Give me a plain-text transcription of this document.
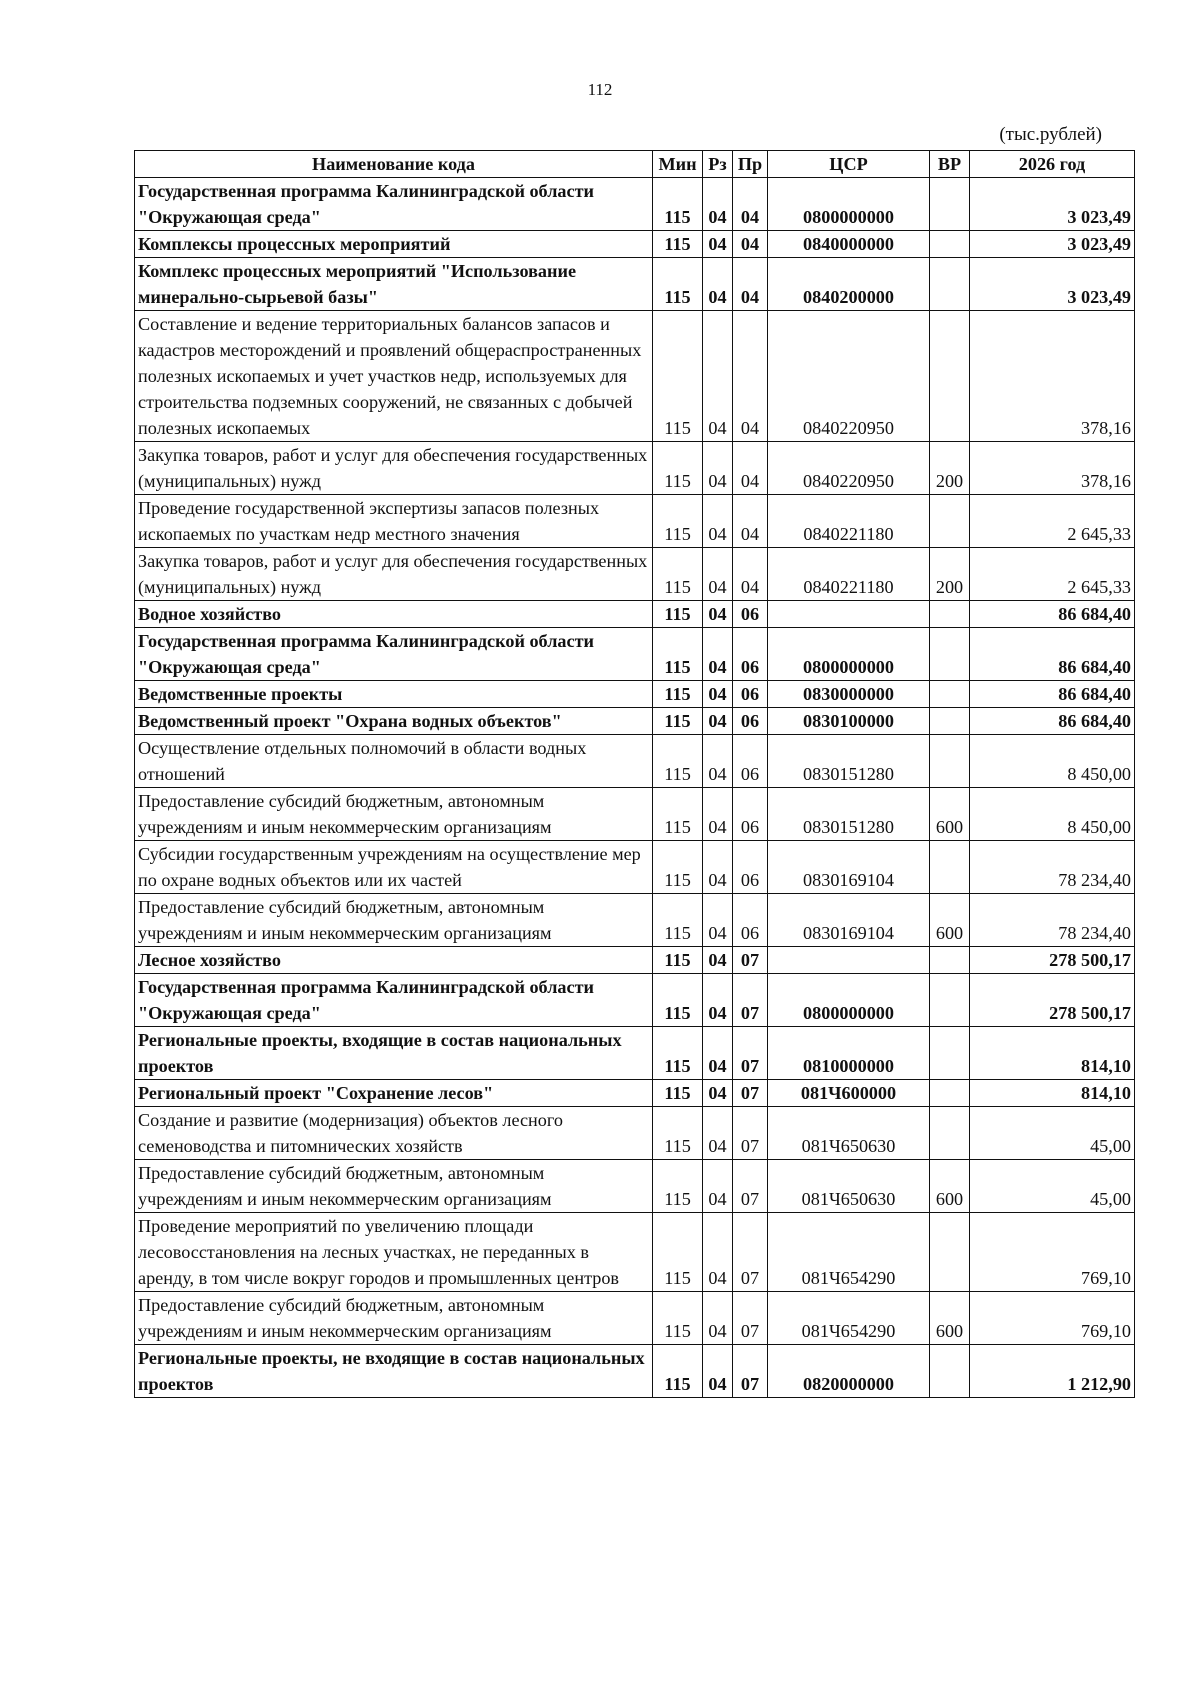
112
(тыс.рублей)
Наименование кода	Мин	Рз	Пр	ЦСР	ВР	2026 год
Государственная программа Калининградской области "Окружающая среда"	115	04	04	0800000000		3 023,49
Комплексы процессных мероприятий	115	04	04	0840000000		3 023,49
Комплекс процессных мероприятий "Использование минерально-сырьевой базы"	115	04	04	0840200000		3 023,49
Составление и ведение территориальных балансов запасов и кадастров месторождений и проявлений общераспространенных полезных ископаемых и учет участков недр, используемых для строительства подземных сооружений, не связанных с добычей полезных ископаемых	115	04	04	0840220950		378,16
Закупка товаров, работ и услуг для обеспечения государственных (муниципальных) нужд	115	04	04	0840220950	200	378,16
Проведение государственной экспертизы запасов полезных ископаемых по участкам недр местного значения	115	04	04	0840221180		2 645,33
Закупка товаров, работ и услуг для обеспечения государственных (муниципальных) нужд	115	04	04	0840221180	200	2 645,33
Водное хозяйство	115	04	06			86 684,40
Государственная программа Калининградской области "Окружающая среда"	115	04	06	0800000000		86 684,40
Ведомственные проекты	115	04	06	0830000000		86 684,40
Ведомственный проект "Охрана водных объектов"	115	04	06	0830100000		86 684,40
Осуществление отдельных полномочий в области водных отношений	115	04	06	0830151280		8 450,00
Предоставление субсидий бюджетным, автономным учреждениям и иным некоммерческим организациям	115	04	06	0830151280	600	8 450,00
Субсидии государственным учреждениям на осуществление мер по охране водных объектов или их частей	115	04	06	0830169104		78 234,40
Предоставление субсидий бюджетным, автономным учреждениям и иным некоммерческим организациям	115	04	06	0830169104	600	78 234,40
Лесное хозяйство	115	04	07			278 500,17
Государственная программа Калининградской области "Окружающая среда"	115	04	07	0800000000		278 500,17
Региональные проекты, входящие в состав национальных проектов	115	04	07	0810000000		814,10
Региональный проект "Сохранение лесов"	115	04	07	081Ч600000		814,10
Создание и развитие (модернизация) объектов лесного семеноводства и питомнических хозяйств	115	04	07	081Ч650630		45,00
Предоставление субсидий бюджетным, автономным учреждениям и иным некоммерческим организациям	115	04	07	081Ч650630	600	45,00
Проведение мероприятий по увеличению площади лесовосстановления на лесных участках, не переданных в аренду, в том числе вокруг городов и промышленных центров	115	04	07	081Ч654290		769,10
Предоставление субсидий бюджетным, автономным учреждениям и иным некоммерческим организациям	115	04	07	081Ч654290	600	769,10
Региональные проекты, не входящие в состав национальных проектов	115	04	07	0820000000		1 212,90
